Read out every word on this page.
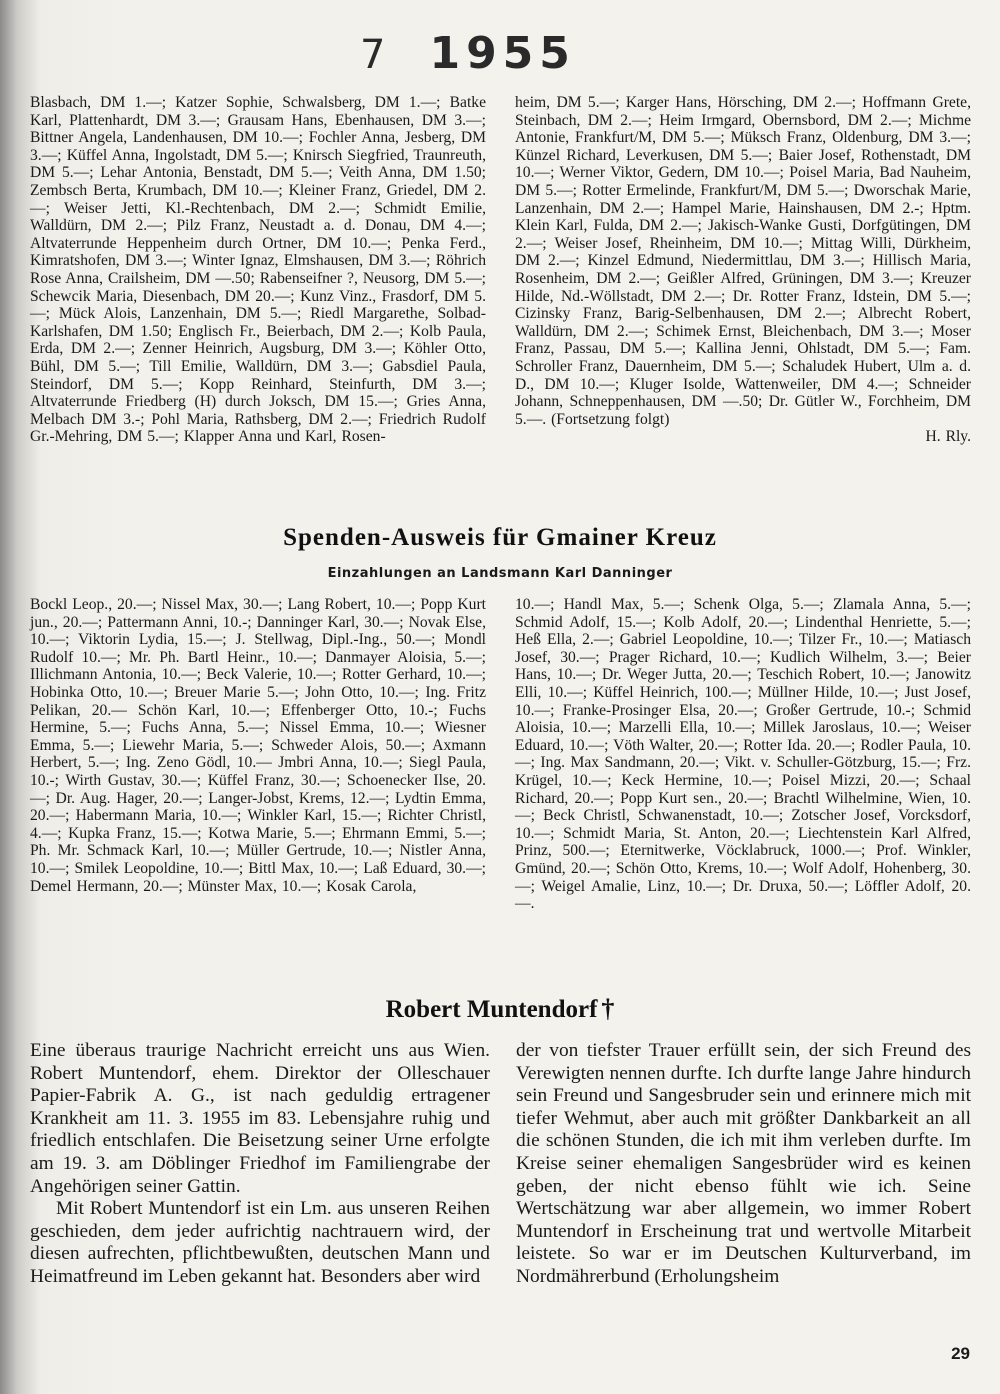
7 1955

Blasbach, DM 1.—; Katzer Sophie, Schwalsberg, DM 1.—; Batke Karl, Plattenhardt, DM 3.—; Grausam Hans, Ebenhausen, DM 3.—; Bittner Angela, Landenhausen, DM 10.—; Fochler Anna, Jesberg, DM 3.—; Küffel Anna, Ingolstadt, DM 5.—; Knirsch Siegfried, Traunreuth, DM 5.—; Lehar Antonia, Benstadt, DM 5.—; Veith Anna, DM 1.50; Zembsch Berta, Krumbach, DM 10.—; Kleiner Franz, Griedel, DM 2.—; Weiser Jetti, Kl.-Rechtenbach, DM 2.—; Schmidt Emilie, Walldürn, DM 2.—; Pilz Franz, Neustadt a. d. Donau, DM 4.—; Altvaterrunde Heppenheim durch Ortner, DM 10.—; Penka Ferd., Kimratshofen, DM 3.—; Winter Ignaz, Elmshausen, DM 3.—; Röhrich Rose Anna, Crailsheim, DM —.50; Rabenseifner ?, Neusorg, DM 5.—; Schewcik Maria, Diesenbach, DM 20.—; Kunz Vinz., Frasdorf, DM 5.—; Mück Alois, Lanzenhain, DM 5.—; Riedl Margarethe, Solbad-Karlshafen, DM 1.50; Englisch Fr., Beierbach, DM 2.—; Kolb Paula, Erda, DM 2.—; Zenner Heinrich, Augsburg, DM 3.—; Köhler Otto, Bühl, DM 5.—; Till Emilie, Walldürn, DM 3.—; Gabsdiel Paula, Steindorf, DM 5.—; Kopp Reinhard, Steinfurth, DM 3.—; Altvaterrunde Friedberg (H) durch Joksch, DM 15.—; Gries Anna, Melbach DM 3.-; Pohl Maria, Rathsberg, DM 2.—; Friedrich Rudolf Gr.-Mehring, DM 5.—; Klapper Anna und Karl, Rosen-

heim, DM 5.—; Karger Hans, Hörsching, DM 2.—; Hoffmann Grete, Steinbach, DM 2.—; Heim Irmgard, Obernsbord, DM 2.—; Michme Antonie, Frankfurt/M, DM 5.—; Müksch Franz, Oldenburg, DM 3.—; Künzel Richard, Leverkusen, DM 5.—; Baier Josef, Rothenstadt, DM 10.—; Werner Viktor, Gedern, DM 10.—; Poisel Maria, Bad Nauheim, DM 5.—; Rotter Ermelinde, Frankfurt/M, DM 5.—; Dworschak Marie, Lanzenhain, DM 2.—; Hampel Marie, Hainshausen, DM 2.-; Hptm. Klein Karl, Fulda, DM 2.—; Jakisch-Wanke Gusti, Dorfgütingen, DM 2.—; Weiser Josef, Rheinheim, DM 10.—; Mittag Willi, Dürkheim, DM 2.—; Kinzel Edmund, Niedermittlau, DM 3.—; Hillisch Maria, Rosenheim, DM 2.—; Geißler Alfred, Grüningen, DM 3.—; Kreuzer Hilde, Nd.-Wöllstadt, DM 2.—; Dr. Rotter Franz, Idstein, DM 5.—; Cizinsky Franz, Barig-Selbenhausen, DM 2.—; Albrecht Robert, Walldürn, DM 2.—; Schimek Ernst, Bleichenbach, DM 3.—; Moser Franz, Passau, DM 5.—; Kallina Jenni, Ohlstadt, DM 5.—; Fam. Schroller Franz, Dauernheim, DM 5.—; Schaludek Hubert, Ulm a. d. D., DM 10.—; Kluger Isolde, Wattenweiler, DM 4.—; Schneider Johann, Schneppenhausen, DM —.50; Dr. Gütler W., Forchheim, DM 5.—. (Fortsetzung folgt)

H. Rly.
Spenden-Ausweis für Gmainer Kreuz
Einzahlungen an Landsmann Karl Danninger

Bockl Leop., 20.—; Nissel Max, 30.—; Lang Robert, 10.—; Popp Kurt jun., 20.—; Pattermann Anni, 10.-; Danninger Karl, 30.—; Novak Else, 10.—; Viktorin Lydia, 15.—; J. Stellwag, Dipl.-Ing., 50.—; Mondl Rudolf 10.—; Mr. Ph. Bartl Heinr., 10.—; Danmayer Aloisia, 5.—; Illichmann Antonia, 10.—; Beck Valerie, 10.—; Rotter Gerhard, 10.—; Hobinka Otto, 10.—; Breuer Marie 5.—; John Otto, 10.—; Ing. Fritz Pelikan, 20.— Schön Karl, 10.—; Effenberger Otto, 10.-; Fuchs Hermine, 5.—; Fuchs Anna, 5.—; Nissel Emma, 10.—; Wiesner Emma, 5.—; Liewehr Maria, 5.—; Schweder Alois, 50.—; Axmann Herbert, 5.—; Ing. Zeno Gödl, 10.— Jmbri Anna, 10.—; Siegl Paula, 10.-; Wirth Gustav, 30.—; Küffel Franz, 30.—; Schoenecker Ilse, 20.—; Dr. Aug. Hager, 20.—; Langer-Jobst, Krems, 12.—; Lydtin Emma, 20.—; Habermann Maria, 10.—; Winkler Karl, 15.—; Richter Christl, 4.—; Kupka Franz, 15.—; Kotwa Marie, 5.—; Ehrmann Emmi, 5.—; Ph. Mr. Schmack Karl, 10.—; Müller Gertrude, 10.—; Nistler Anna, 10.—; Smilek Leopoldine, 10.—; Bittl Max, 10.—; Laß Eduard, 30.—; Demel Hermann, 20.—; Münster Max, 10.—; Kosak Carola,

10.—; Handl Max, 5.—; Schenk Olga, 5.—; Zlamala Anna, 5.—; Schmid Adolf, 15.—; Kolb Adolf, 20.—; Lindenthal Henriette, 5.—; Heß Ella, 2.—; Gabriel Leopoldine, 10.—; Tilzer Fr., 10.—; Matiasch Josef, 30.—; Prager Richard, 10.—; Kudlich Wilhelm, 3.—; Beier Hans, 10.—; Dr. Weger Jutta, 20.—; Teschich Robert, 10.—; Janowitz Elli, 10.—; Küffel Heinrich, 100.—; Müllner Hilde, 10.—; Just Josef, 10.—; Franke-Prosinger Elsa, 20.—; Großer Gertrude, 10.-; Schmid Aloisia, 10.—; Marzelli Ella, 10.—; Millek Jaroslaus, 10.—; Weiser Eduard, 10.—; Vöth Walter, 20.—; Rotter Ida. 20.—; Rodler Paula, 10.—; Ing. Max Sandmann, 20.—; Vikt. v. Schuller-Götzburg, 15.—; Frz. Krügel, 10.—; Keck Hermine, 10.—; Poisel Mizzi, 20.—; Schaal Richard, 20.—; Popp Kurt sen., 20.—; Brachtl Wilhelmine, Wien, 10.—; Beck Christl, Schwanenstadt, 10.—; Zotscher Josef, Vorcksdorf, 10.—; Schmidt Maria, St. Anton, 20.—; Liechtenstein Karl Alfred, Prinz, 500.—; Eternitwerke, Vöcklabruck, 1000.—; Prof. Winkler, Gmünd, 20.—; Schön Otto, Krems, 10.—; Wolf Adolf, Hohenberg, 30.—; Weigel Amalie, Linz, 10.—; Dr. Druxa, 50.—; Löffler Adolf, 20.—.

Robert Muntendorf †

Eine überaus traurige Nachricht erreicht uns aus Wien. Robert Muntendorf, ehem. Direktor der Olleschauer Papier-Fabrik A. G., ist nach geduldig ertragener Krankheit am 11. 3. 1955 im 83. Lebensjahre ruhig und friedlich entschlafen. Die Beisetzung seiner Urne erfolgte am 19. 3. am Döblinger Friedhof im Familiengrabe der Angehörigen seiner Gattin.

Mit Robert Muntendorf ist ein Lm. aus unseren Reihen geschieden, dem jeder aufrichtig nachtrauern wird, der diesen aufrechten, pflichtbewußten, deutschen Mann und Heimatfreund im Leben gekannt hat. Besonders aber wird

der von tiefster Trauer erfüllt sein, der sich Freund des Verewigten nennen durfte. Ich durfte lange Jahre hindurch sein Freund und Sangesbruder sein und erinnere mich mit tiefer Wehmut, aber auch mit größter Dankbarkeit an all die schönen Stunden, die ich mit ihm verleben durfte. Im Kreise seiner ehemaligen Sangesbrüder wird es keinen geben, der nicht ebenso fühlt wie ich. Seine Wertschätzung war aber allgemein, wo immer Robert Muntendorf in Erscheinung trat und wertvolle Mitarbeit leistete. So war er im Deutschen Kulturverband, im Nordmährerbund (Erholungsheim

29
